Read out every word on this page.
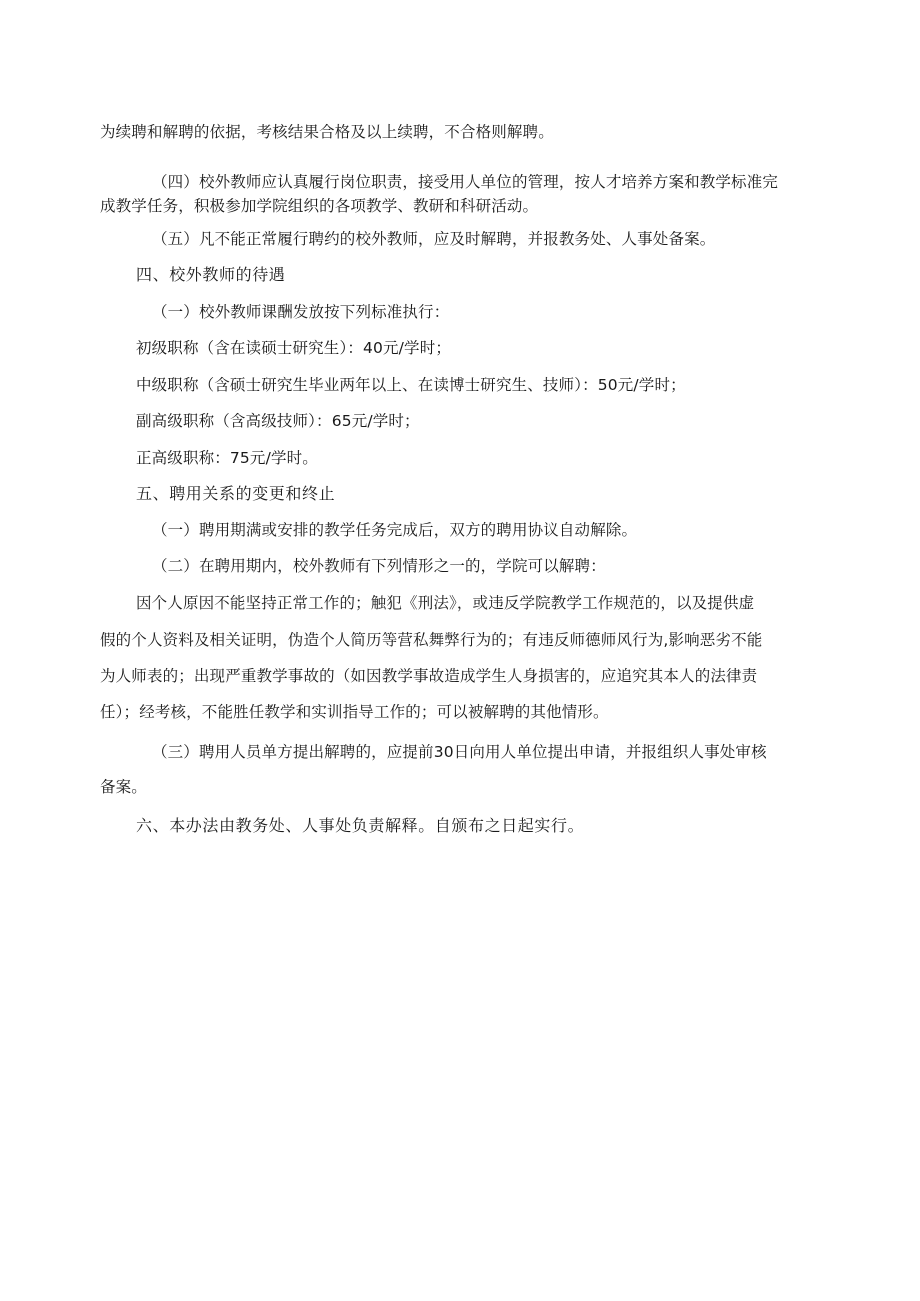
为续聘和解聘的依据，考核结果合格及以上续聘，不合格则解聘。
（四）校外教师应认真履行岗位职责，接受用人单位的管理，按人才培养方案和教学标准完
成教学任务，积极参加学院组织的各项教学、教研和科研活动。
（五）凡不能正常履行聘约的校外教师，应及时解聘，并报教务处、人事处备案。
四、校外教师的待遇
（一）校外教师课酬发放按下列标准执行：
初级职称（含在读硕士研究生）：40元/学时；
中级职称（含硕士研究生毕业两年以上、在读博士研究生、技师）：50元/学时；
副高级职称（含高级技师）：65元/学时；
正高级职称：75元/学时。
五、聘用关系的变更和终止
（一）聘用期满或安排的教学任务完成后，双方的聘用协议自动解除。
（二）在聘用期内，校外教师有下列情形之一的，学院可以解聘：
因个人原因不能坚持正常工作的；触犯《刑法》，或违反学院教学工作规范的，以及提供虚
假的个人资料及相关证明，伪造个人简历等营私舞弊行为的；有违反师德师风行为,影响恶劣不能
为人师表的；出现严重教学事故的（如因教学事故造成学生人身损害的，应追究其本人的法律责
任）；经考核，不能胜任教学和实训指导工作的；可以被解聘的其他情形。
（三）聘用人员单方提出解聘的，应提前30日向用人单位提出申请，并报组织人事处审核
备案。
六、本办法由教务处、人事处负责解释。自颁布之日起实行。
